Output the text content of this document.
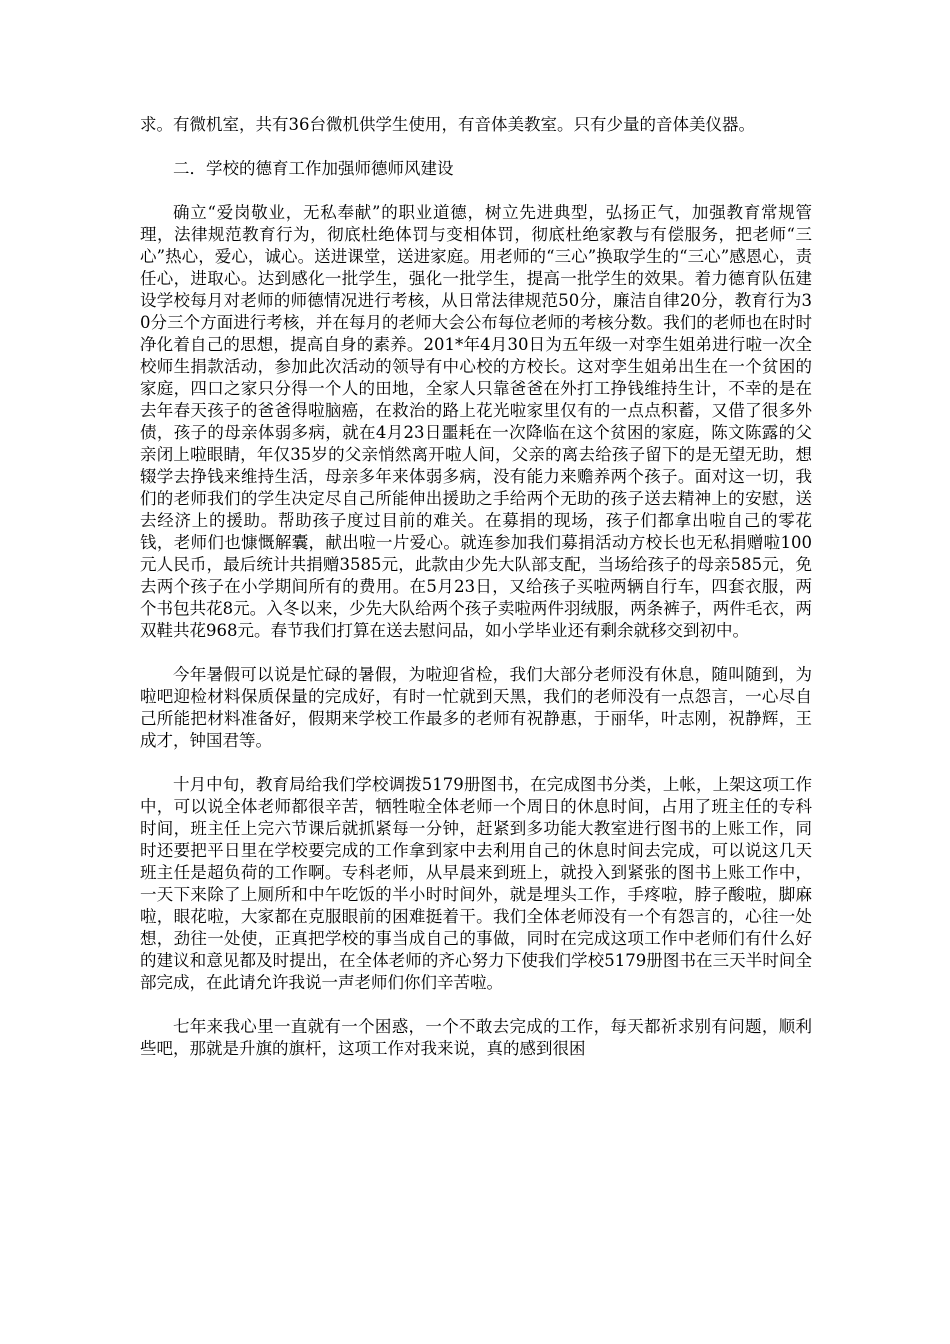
求。有微机室，共有36台微机供学生使用，有音体美教室。只有少量的音体美仪器。

二．学校的德育工作加强师德师风建设

确立“爱岗敬业，无私奉献”的职业道德，树立先进典型，弘扬正气，加强教育常规管理，法律规范教育行为，彻底杜绝体罚与变相体罚，彻底杜绝家教与有偿服务，把老师“三心”热心，爱心，诚心。送进课堂，送进家庭。用老师的“三心”换取学生的“三心”感恩心，责任心，进取心。达到感化一批学生，强化一批学生，提高一批学生的效果。着力德育队伍建设学校每月对老师的师德情况进行考核，从日常法律规范50分，廉洁自律20分，教育行为30分三个方面进行考核，并在每月的老师大会公布每位老师的考核分数。我们的老师也在时时净化着自己的思想，提高自身的素养。201*年4月30日为五年级一对孪生姐弟进行啦一次全校师生捐款活动，参加此次活动的领导有中心校的方校长。这对孪生姐弟出生在一个贫困的家庭，四口之家只分得一个人的田地，全家人只靠爸爸在外打工挣钱维持生计，不幸的是在去年春天孩子的爸爸得啦脑癌，在救治的路上花光啦家里仅有的一点点积蓄，又借了很多外债，孩子的母亲体弱多病，就在4月23日噩耗在一次降临在这个贫困的家庭，陈文陈露的父亲闭上啦眼睛，年仅35岁的父亲悄然离开啦人间，父亲的离去给孩子留下的是无望无助，想辍学去挣钱来维持生活，母亲多年来体弱多病，没有能力来赡养两个孩子。面对这一切，我们的老师我们的学生决定尽自己所能伸出援助之手给两个无助的孩子送去精神上的安慰，送去经济上的援助。帮助孩子度过目前的难关。在募捐的现场，孩子们都拿出啦自己的零花钱，老师们也慷慨解囊，献出啦一片爱心。就连参加我们募捐活动方校长也无私捐赠啦100元人民币，最后统计共捐赠3585元，此款由少先大队部支配，当场给孩子的母亲585元，免去两个孩子在小学期间所有的费用。在5月23日，又给孩子买啦两辆自行车，四套衣服，两个书包共花8元。入冬以来，少先大队给两个孩子卖啦两件羽绒服，两条裤子，两件毛衣，两双鞋共花968元。春节我们打算在送去慰问品，如小学毕业还有剩余就移交到初中。

今年暑假可以说是忙碌的暑假，为啦迎省检，我们大部分老师没有休息，随叫随到，为啦吧迎检材料保质保量的完成好，有时一忙就到天黑，我们的老师没有一点怨言，一心尽自己所能把材料准备好，假期来学校工作最多的老师有祝静惠，于丽华，叶志刚，祝静辉，王成才，钟国君等。

十月中旬，教育局给我们学校调拨5179册图书，在完成图书分类，上帐，上架这项工作中，可以说全体老师都很辛苦，牺牲啦全体老师一个周日的休息时间，占用了班主任的专科时间，班主任上完六节课后就抓紧每一分钟，赶紧到多功能大教室进行图书的上账工作，同时还要把平日里在学校要完成的工作拿到家中去利用自己的休息时间去完成，可以说这几天班主任是超负荷的工作啊。专科老师，从早晨来到班上，就投入到紧张的图书上账工作中，一天下来除了上厕所和中午吃饭的半小时时间外，就是埋头工作，手疼啦，脖子酸啦，脚麻啦，眼花啦，大家都在克服眼前的困难挺着干。我们全体老师没有一个有怨言的，心往一处想，劲往一处使，正真把学校的事当成自己的事做，同时在完成这项工作中老师们有什么好的建议和意见都及时提出，在全体老师的齐心努力下使我们学校5179册图书在三天半时间全部完成，在此请允许我说一声老师们你们辛苦啦。

七年来我心里一直就有一个困惑，一个不敢去完成的工作，每天都祈求别有问题，顺利些吧，那就是升旗的旗杆，这项工作对我来说，真的感到很困
